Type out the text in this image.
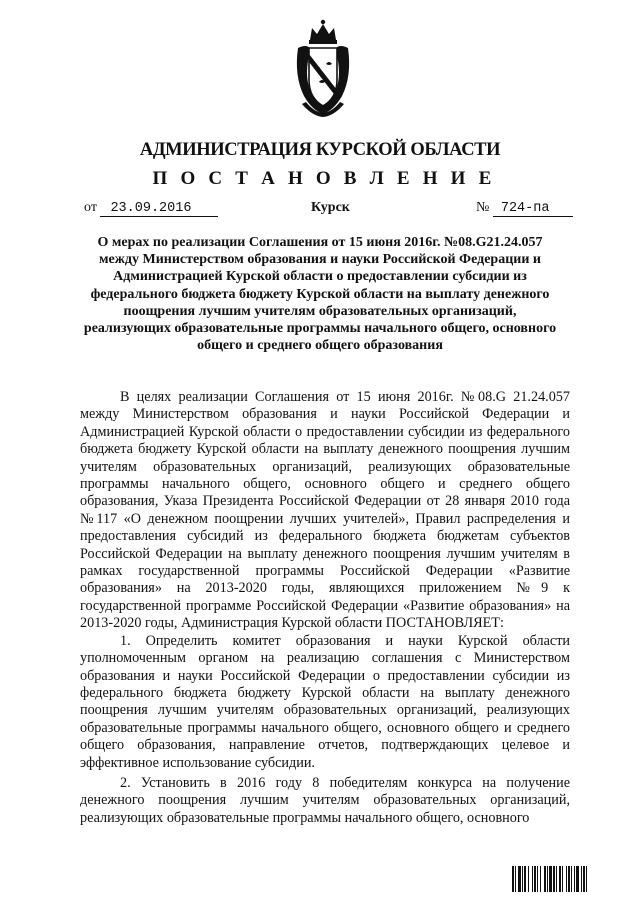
АДМИНИСТРАЦИЯ КУРСКОЙ ОБЛАСТИ
П О С Т А Н О В Л Е Н И Е
от 23.09.2016	Курск	№ 724-па
О мерах по реализации Соглашения от 15 июня 2016г. №08.G21.24.057 между Министерством образования и науки Российской Федерации и Администрацией Курской области о предоставлении субсидии из федерального бюджета бюджету Курской области на выплату денежного поощрения лучшим учителям образовательных организаций, реализующих образовательные программы начального общего, основного общего и среднего общего образования

В целях реализации Соглашения от 15 июня 2016г. №08.G 21.24.057 между Министерством образования и науки Российской Федерации и Администрацией Курской области о предоставлении субсидии из федерального бюджета бюджету Курской области на выплату денежного поощрения лучшим учителям образовательных организаций, реализующих образовательные программы начального общего, основного общего и среднего общего образования, Указа Президента Российской Федерации от 28 января 2010 года №117 «О денежном поощрении лучших учителей», Правил распределения и предоставления субсидий из федерального бюджета бюджетам субъектов Российской Федерации на выплату денежного поощрения лучшим учителям в рамках государственной программы Российской Федерации «Развитие образования» на 2013-2020 годы, являющихся приложением №9 к государственной программе Российской Федерации «Развитие образования» на 2013-2020 годы, Администрация Курской области ПОСТАНОВЛЯЕТ:

1. Определить комитет образования и науки Курской области уполномоченным органом на реализацию соглашения с Министерством образования и науки Российской Федерации о предоставлении субсидии из федерального бюджета бюджету Курской области на выплату денежного поощрения лучшим учителям образовательных организаций, реализующих образовательные программы начального общего, основного общего и среднего общего образования, направление отчетов, подтверждающих целевое и эффективное использование субсидии.

2. Установить в 2016 году 8 победителям конкурса на получение денежного поощрения лучшим учителям образовательных организаций, реализующих образовательные программы начального общего, основного
